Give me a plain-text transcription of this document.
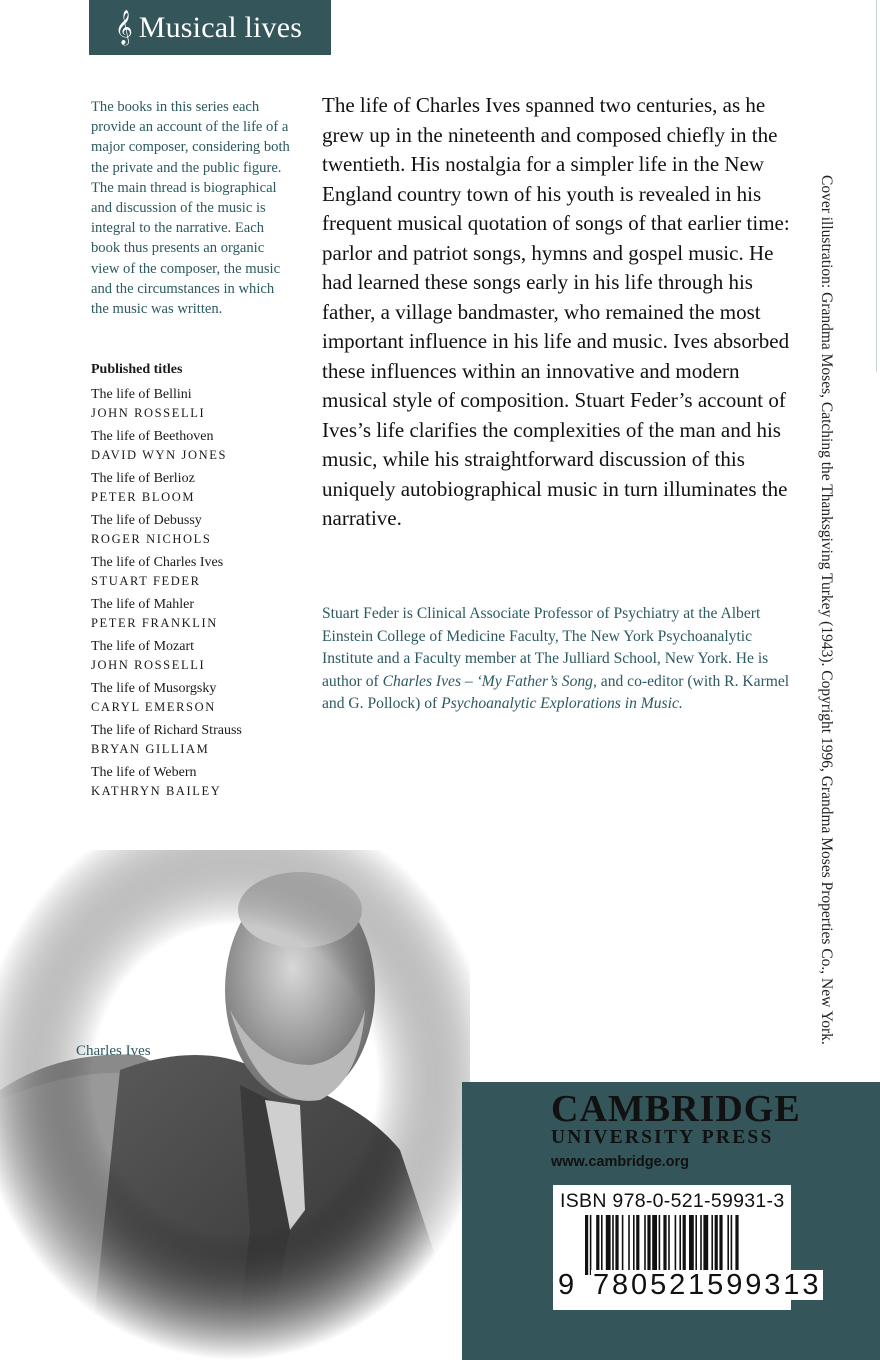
𝄞 Musical lives
The books in this series each provide an account of the life of a major composer, considering both the private and the public figure. The main thread is biographical and discussion of the music is integral to the narrative. Each book thus presents an organic view of the composer, the music and the circumstances in which the music was written.
Published titles
The life of Bellini
JOHN ROSSELLI
The life of Beethoven
DAVID WYN JONES
The life of Berlioz
PETER BLOOM
The life of Debussy
ROGER NICHOLS
The life of Charles Ives
STUART FEDER
The life of Mahler
PETER FRANKLIN
The life of Mozart
JOHN ROSSELLI
The life of Musorgsky
CARYL EMERSON
The life of Richard Strauss
BRYAN GILLIAM
The life of Webern
KATHRYN BAILEY
The life of Charles Ives spanned two centuries, as he grew up in the nineteenth and composed chiefly in the twentieth. His nostalgia for a simpler life in the New England country town of his youth is revealed in his frequent musical quotation of songs of that earlier time: parlor and patriot songs, hymns and gospel music. He had learned these songs early in his life through his father, a village bandmaster, who remained the most important influence in his life and music. Ives absorbed these influences within an innovative and modern musical style of composition. Stuart Feder’s account of Ives’s life clarifies the complexities of the man and his music, while his straightforward discussion of this uniquely autobiographical music in turn illuminates the narrative.
Stuart Feder is Clinical Associate Professor of Psychiatry at the Albert Einstein College of Medicine Faculty, The New York Psychoanalytic Institute and a Faculty member at The Julliard School, New York. He is author of Charles Ives – ‘My Father’s Song, and co-editor (with R. Karmel and G. Pollock) of Psychoanalytic Explorations in Music.	Cover illustration: Grandma Moses, Catching the Thanksgiving Turkey (1943). Copyright 1996, Grandma Moses Properties Co., New York.
Charles Ives
CAMBRIDGE
UNIVERSITY PRESS
www.cambridge.org
ISBN 978-0-521-59931-3
9 780521599313
